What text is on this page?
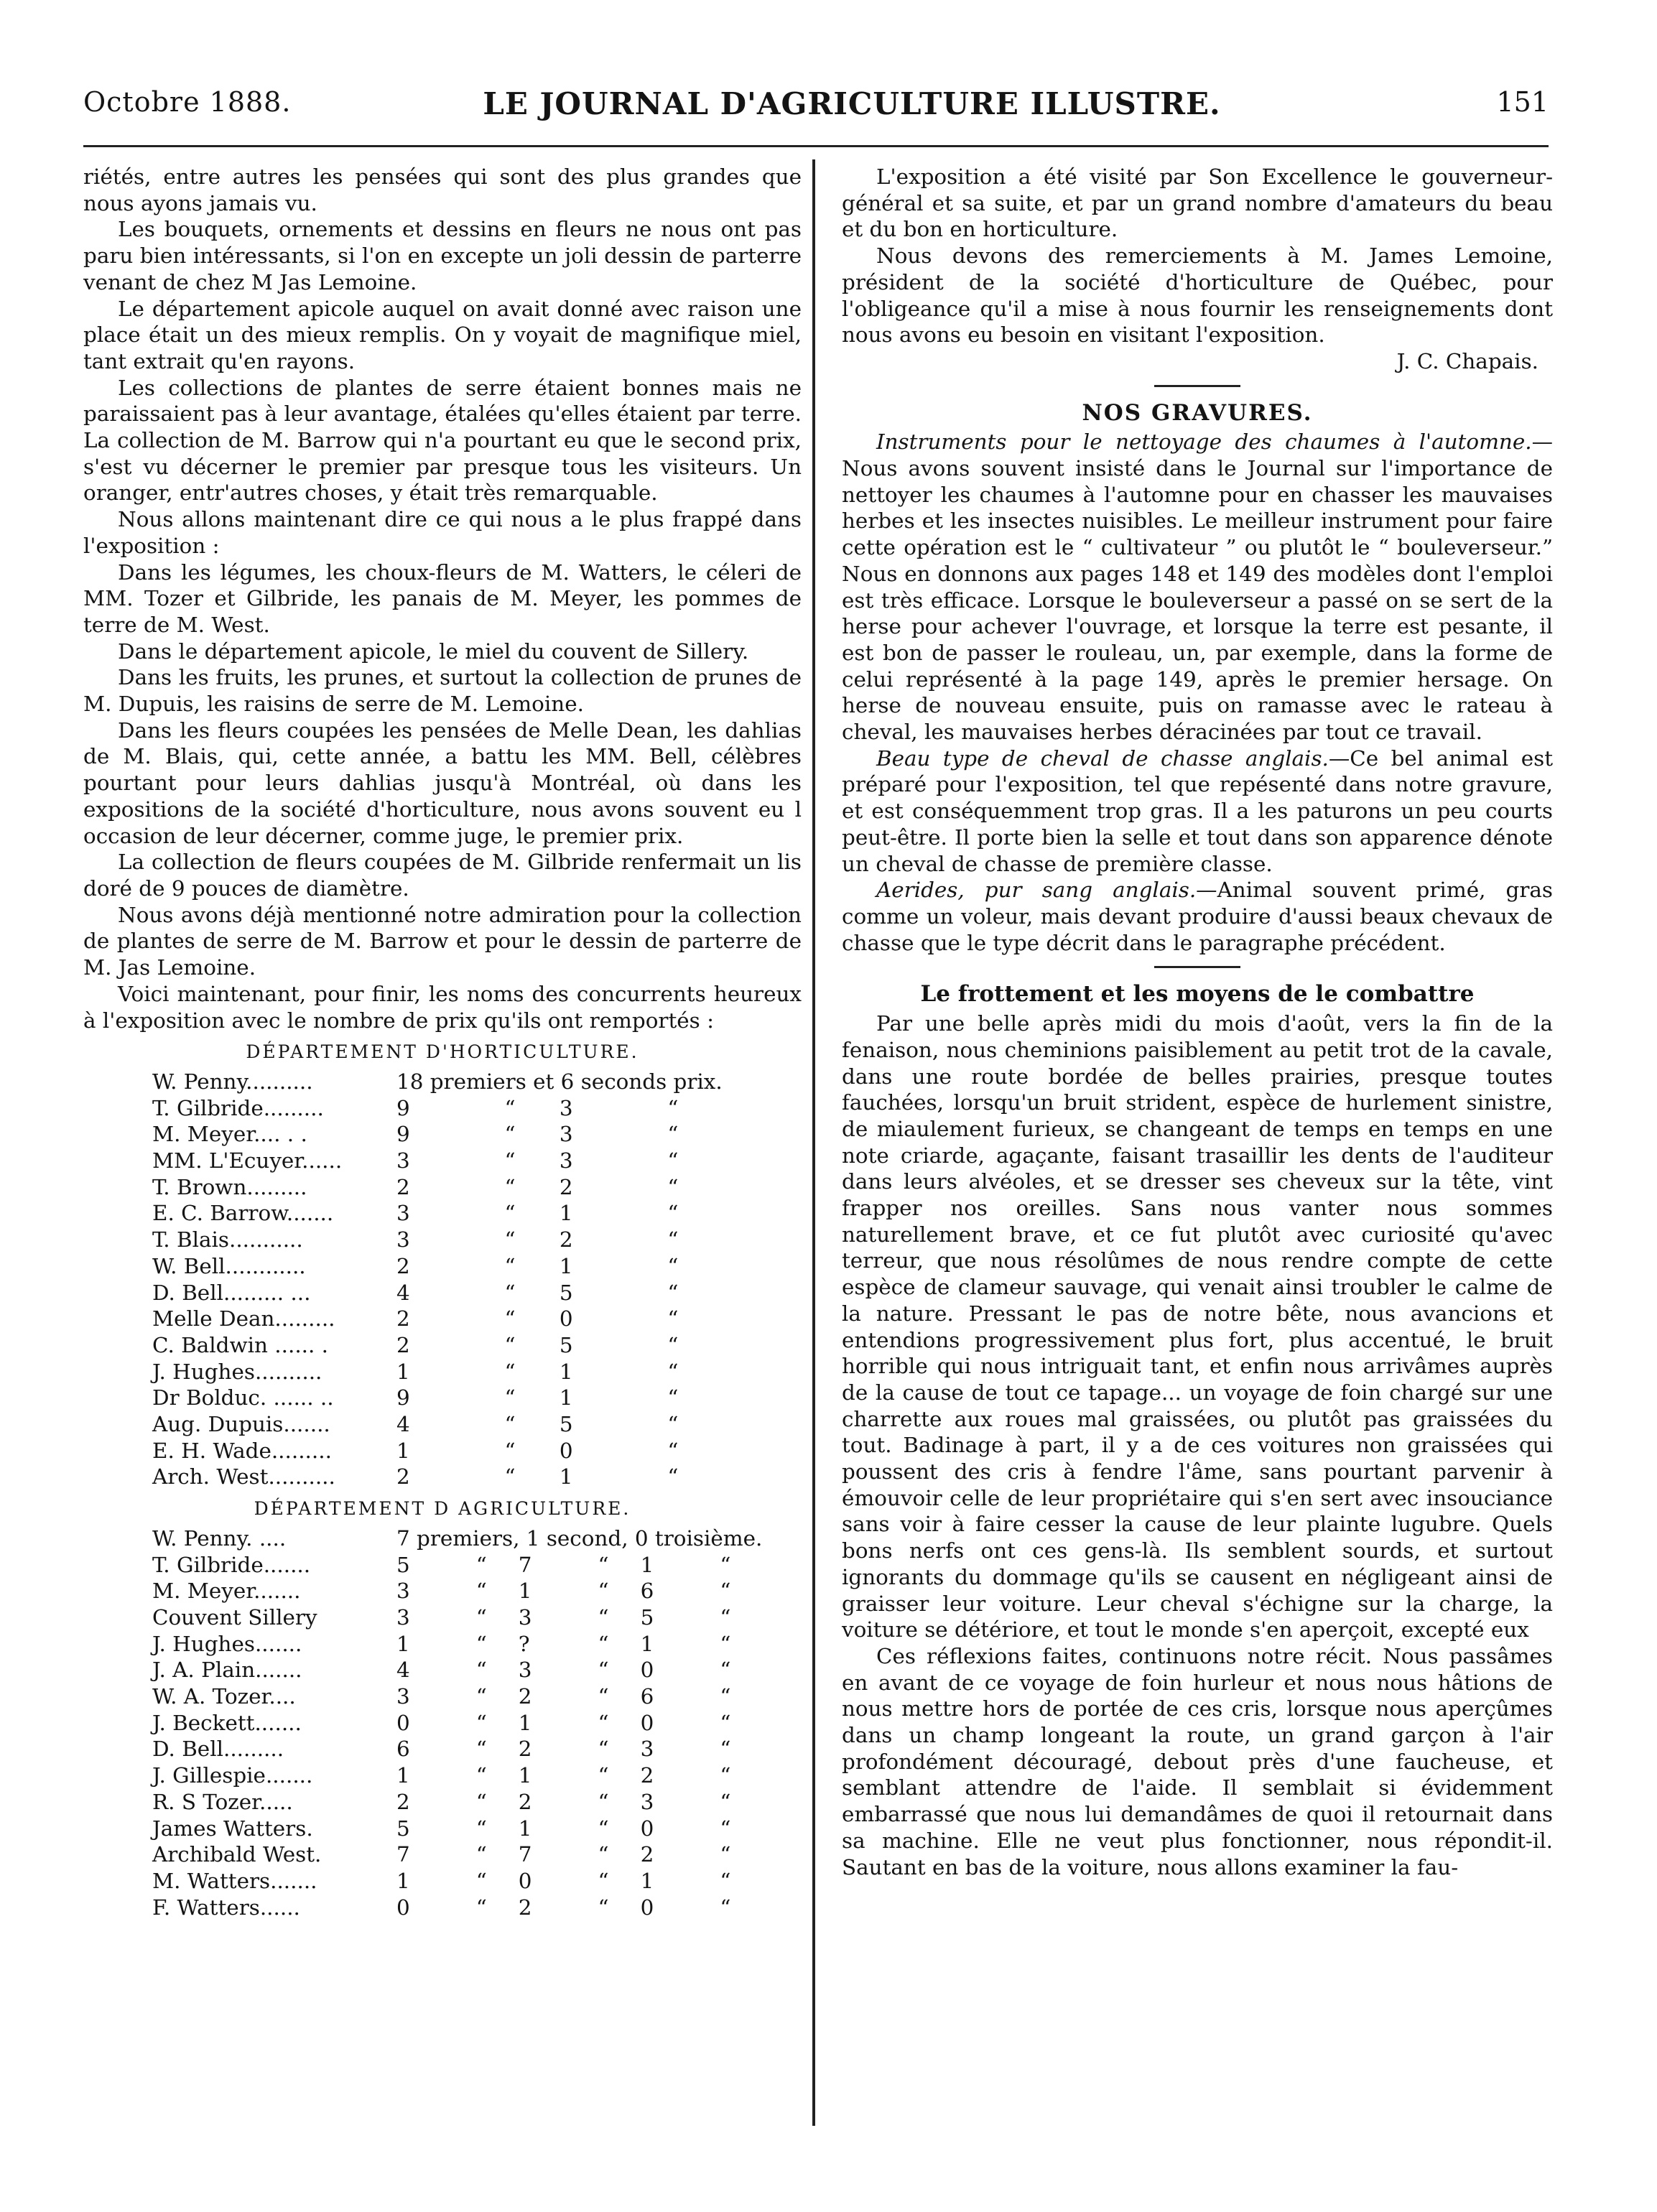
Octobre 1888.	LE JOURNAL D'AGRICULTURE ILLUSTRE.	151

riétés, entre autres les pensées qui sont des plus grandes que nous ayons jamais vu.

Les bouquets, ornements et dessins en fleurs ne nous ont pas paru bien intéressants, si l'on en excepte un joli dessin de parterre venant de chez M Jas Lemoine.

Le département apicole auquel on avait donné avec raison une place était un des mieux remplis. On y voyait de magnifique miel, tant extrait qu'en rayons.

Les collections de plantes de serre étaient bonnes mais ne paraissaient pas à leur avantage, étalées qu'elles étaient par terre. La collection de M. Barrow qui n'a pourtant eu que le second prix, s'est vu décerner le premier par presque tous les visiteurs. Un oranger, entr'autres choses, y était très remarquable.

Nous allons maintenant dire ce qui nous a le plus frappé dans l'exposition :

Dans les légumes, les choux-fleurs de M. Watters, le céleri de MM. Tozer et Gilbride, les panais de M. Meyer, les pommes de terre de M. West.

Dans le département apicole, le miel du couvent de Sillery.

Dans les fruits, les prunes, et surtout la collection de prunes de M. Dupuis, les raisins de serre de M. Lemoine.

Dans les fleurs coupées les pensées de Melle Dean, les dahlias de M. Blais, qui, cette année, a battu les MM. Bell, célèbres pourtant pour leurs dahlias jusqu'à Montréal, où dans les expositions de la société d'horticulture, nous avons souvent eu l occasion de leur décerner, comme juge, le premier prix.

La collection de fleurs coupées de M. Gilbride renfermait un lis doré de 9 pouces de diamètre.

Nous avons déjà mentionné notre admiration pour la collection de plantes de serre de M. Barrow et pour le dessin de parterre de M. Jas Lemoine.

Voici maintenant, pour finir, les noms des concurrents heureux à l'exposition avec le nombre de prix qu'ils ont remportés :

DÉPARTEMENT D'HORTICULTURE.
W. Penny..........	18 premiers et 6 seconds prix.			
T. Gilbride.........	9	“	3	“
M. Meyer.... . .	9	“	3	“
MM. L'Ecuyer......	3	“	3	“
T. Brown.........	2	“	2	“
E. C. Barrow.......	3	“	1	“
T. Blais...........	3	“	2	“
W. Bell............	2	“	1	“
D. Bell......... ...	4	“	5	“
Melle Dean.........	2	“	0	“
C. Baldwin ...... .	2	“	5	“
J. Hughes..........	1	“	1	“
Dr Bolduc. ...... ..	9	“	1	“
Aug. Dupuis.......	4	“	5	“
E. H. Wade.........	1	“	0	“
Arch. West..........	2	“	1	“
DÉPARTEMENT D AGRICULTURE.
W. Penny. ....	7 premiers, 1 second, 0 troisième.					
T. Gilbride.......	5	“	7	“	1	“
M. Meyer.......	3	“	1	“	6	“
Couvent Sillery	3	“	3	“	5	“
J. Hughes.......	1	“	?	“	1	“
J. A. Plain.......	4	“	3	“	0	“
W. A. Tozer....	3	“	2	“	6	“
J. Beckett.......	0	“	1	“	0	“
D. Bell.........	6	“	2	“	3	“
J. Gillespie.......	1	“	1	“	2	“
R. S Tozer.....	2	“	2	“	3	“
James Watters.	5	“	1	“	0	“
Archibald West.	7	“	7	“	2	“
M. Watters.......	1	“	0	“	1	“
F. Watters......	0	“	2	“	0	“

L'exposition a été visité par Son Excellence le gouverneur-général et sa suite, et par un grand nombre d'amateurs du beau et du bon en horticulture.

Nous devons des remerciements à M. James Lemoine, président de la société d'horticulture de Québec, pour l'obligeance qu'il a mise à nous fournir les renseignements dont nous avons eu besoin en visitant l'exposition.

J. C. Chapais.
NOS GRAVURES.

Instruments pour le nettoyage des chaumes à l'automne.—Nous avons souvent insisté dans le Journal sur l'importance de nettoyer les chaumes à l'automne pour en chasser les mauvaises herbes et les insectes nuisibles. Le meilleur instrument pour faire cette opération est le “ cultivateur ” ou plutôt le “ bouleverseur.” Nous en donnons aux pages 148 et 149 des modèles dont l'emploi est très efficace. Lorsque le bouleverseur a passé on se sert de la herse pour achever l'ouvrage, et lorsque la terre est pesante, il est bon de passer le rouleau, un, par exemple, dans la forme de celui représenté à la page 149, après le premier hersage. On herse de nouveau ensuite, puis on ramasse avec le rateau à cheval, les mauvaises herbes déracinées par tout ce travail.

Beau type de cheval de chasse anglais.—Ce bel animal est préparé pour l'exposition, tel que repésenté dans notre gravure, et est conséquemment trop gras. Il a les paturons un peu courts peut-être. Il porte bien la selle et tout dans son apparence dénote un cheval de chasse de première classe.

Aerides, pur sang anglais.—Animal souvent primé, gras comme un voleur, mais devant produire d'aussi beaux chevaux de chasse que le type décrit dans le paragraphe précédent.

Le frottement et les moyens de le combattre

Par une belle après midi du mois d'août, vers la fin de la fenaison, nous cheminions paisiblement au petit trot de la cavale, dans une route bordée de belles prairies, presque toutes fauchées, lorsqu'un bruit strident, espèce de hurlement sinistre, de miaulement furieux, se changeant de temps en temps en une note criarde, agaçante, faisant trasaillir les dents de l'auditeur dans leurs alvéoles, et se dresser ses cheveux sur la tête, vint frapper nos oreilles. Sans nous vanter nous sommes naturellement brave, et ce fut plutôt avec curiosité qu'avec terreur, que nous résolûmes de nous rendre compte de cette espèce de clameur sauvage, qui venait ainsi troubler le calme de la nature. Pressant le pas de notre bête, nous avancions et entendions progressivement plus fort, plus accentué, le bruit horrible qui nous intriguait tant, et enfin nous arrivâmes auprès de la cause de tout ce tapage... un voyage de foin chargé sur une charrette aux roues mal graissées, ou plutôt pas graissées du tout. Badinage à part, il y a de ces voitures non graissées qui poussent des cris à fendre l'âme, sans pourtant parvenir à émouvoir celle de leur propriétaire qui s'en sert avec insouciance sans voir à faire cesser la cause de leur plainte lugubre. Quels bons nerfs ont ces gens-là. Ils semblent sourds, et surtout ignorants du dommage qu'ils se causent en négligeant ainsi de graisser leur voiture. Leur cheval s'échigne sur la charge, la voiture se détériore, et tout le monde s'en aperçoit, excepté eux

Ces réflexions faites, continuons notre récit. Nous passâmes en avant de ce voyage de foin hurleur et nous nous hâtions de nous mettre hors de portée de ces cris, lorsque nous aperçûmes dans un champ longeant la route, un grand garçon à l'air profondément découragé, debout près d'une faucheuse, et semblant attendre de l'aide. Il semblait si évidemment embarrassé que nous lui demandâmes de quoi il retournait dans sa machine. Elle ne veut plus fonctionner, nous répondit-il. Sautant en bas de la voiture, nous allons examiner la fau-
